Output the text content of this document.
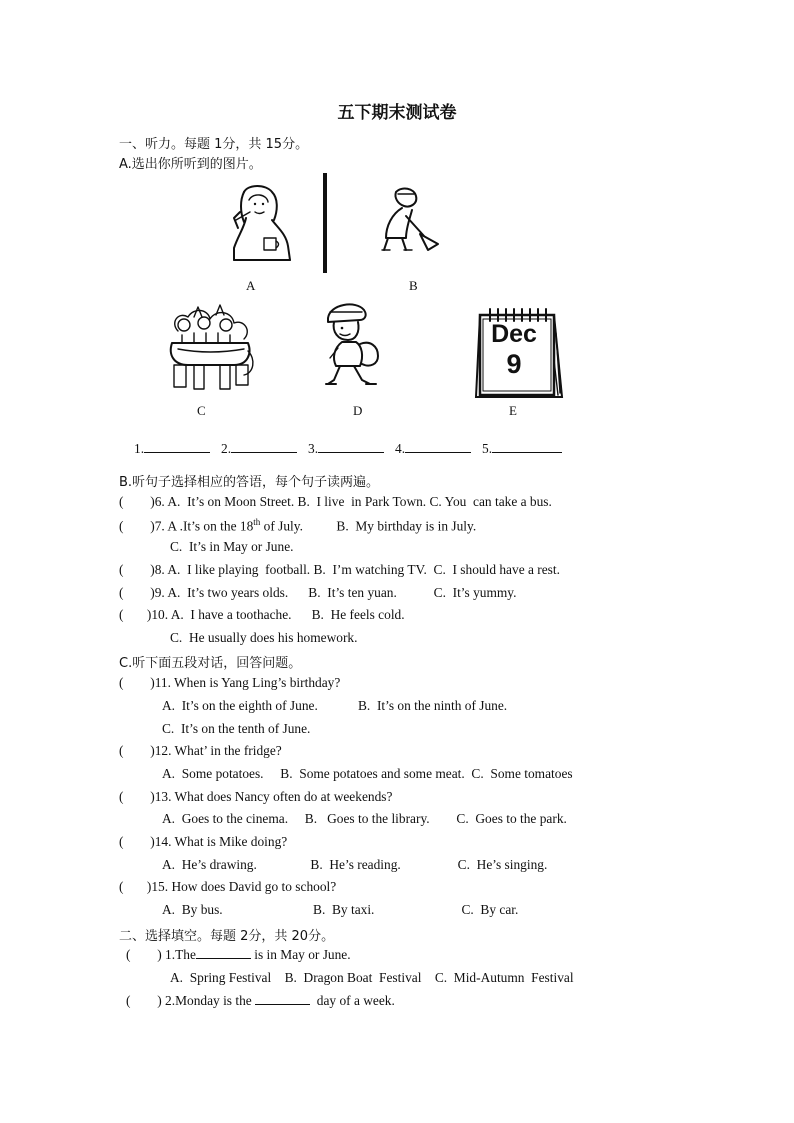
五下期末测试卷
一、听力。每题 1分，共 15分。
A.选出你所听到的图片。
A	B
Dec
9
C	D	E
1.	2.	3.	4.	5.
B.听句子选择相应的答语，每个句子读两遍。
(        )6. A.  It’s on Moon Street. B.  I live  in Park Town. C. You  can take a bus.
(        )7. A .It’s on the 18th of July.          B.  My birthday is in July.
C.  It’s in May or June.
(        )8. A.  I like playing  football. B.  I’m watching TV.  C.  I should have a rest.
(        )9. A.  It’s two years olds.      B.  It’s ten yuan.           C.  It’s yummy.
(       )10. A.  I have a toothache.      B.  He feels cold.
C.  He usually does his homework.
C.听下面五段对话，回答问题。
(        )11. When is Yang Ling’s birthday?
A.  It’s on the eighth of June.            B.  It’s on the ninth of June.
C.  It’s on the tenth of June.
(        )12. What’ in the fridge?
A.  Some potatoes.     B.  Some potatoes and some meat.  C.  Some tomatoes
(        )13. What does Nancy often do at weekends?
A.  Goes to the cinema.     B.   Goes to the library.        C.  Goes to the park.
(        )14. What is Mike doing?
A.  He’s drawing.                B.  He’s reading.                 C.  He’s singing.
(       )15. How does David go to school?
A.  By bus.                           B.  By taxi.                          C.  By car.
二、选择填空。每题 2分，共 20分。
(        ) 1.The	is in May or June.
A.  Spring Festival    B.  Dragon Boat  Festival    C.  Mid-Autumn  Festival
(        ) 2.Monday is the	day of a week.
